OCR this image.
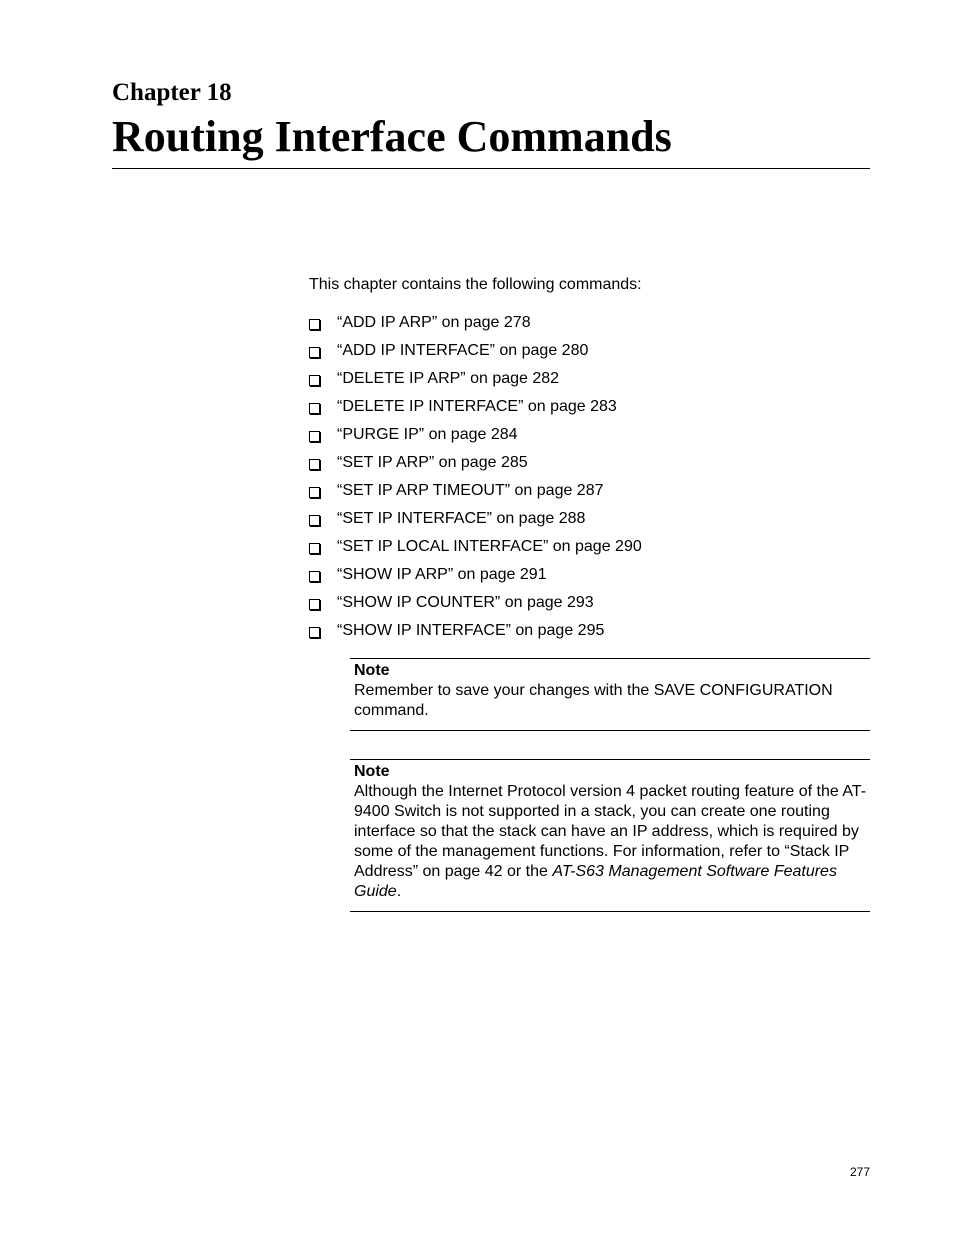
Chapter 18
Routing Interface Commands

This chapter contains the following commands:

“ADD IP ARP” on page 278
“ADD IP INTERFACE” on page 280
“DELETE IP ARP” on page 282
“DELETE IP INTERFACE” on page 283
“PURGE IP” on page 284
“SET IP ARP” on page 285
“SET IP ARP TIMEOUT” on page 287
“SET IP INTERFACE” on page 288
“SET IP LOCAL INTERFACE” on page 290
“SHOW IP ARP” on page 291
“SHOW IP COUNTER” on page 293
“SHOW IP INTERFACE” on page 295

Note

Remember to save your changes with the SAVE CONFIGURATION command.

Note

Although the Internet Protocol version 4 packet routing feature of the AT-9400 Switch is not supported in a stack, you can create one routing interface so that the stack can have an IP address, which is required by some of the management functions. For information, refer to “Stack IP Address” on page 42 or the AT-S63 Management Software Features Guide.

277
